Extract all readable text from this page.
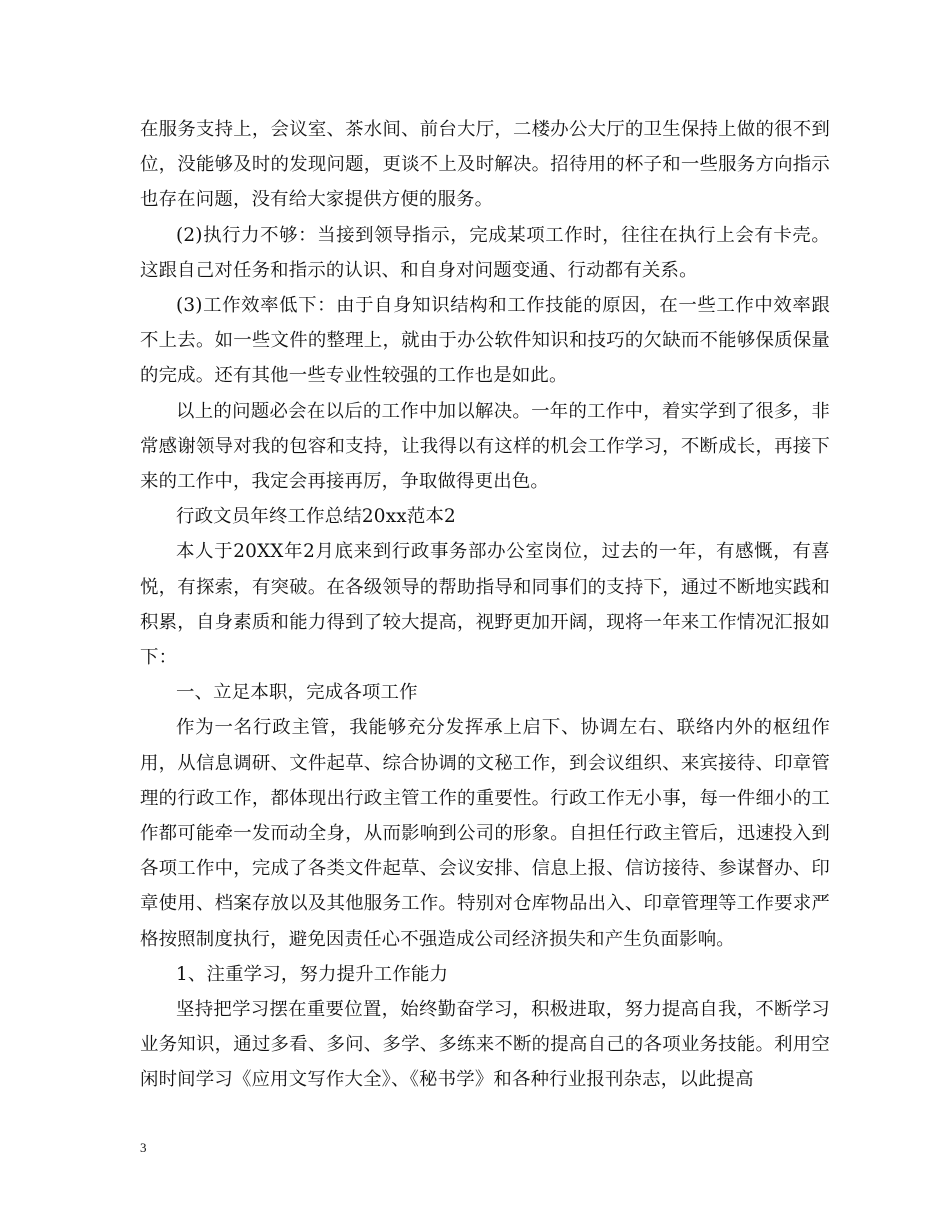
在服务支持上，会议室、茶水间、前台大厅，二楼办公大厅的卫生保持上做的很不到位，没能够及时的发现问题，更谈不上及时解决。招待用的杯子和一些服务方向指示也存在问题，没有给大家提供方便的服务。

(2)执行力不够：当接到领导指示，完成某项工作时，往往在执行上会有卡壳。这跟自己对任务和指示的认识、和自身对问题变通、行动都有关系。

(3)工作效率低下：由于自身知识结构和工作技能的原因，在一些工作中效率跟不上去。如一些文件的整理上，就由于办公软件知识和技巧的欠缺而不能够保质保量的完成。还有其他一些专业性较强的工作也是如此。

以上的问题必会在以后的工作中加以解决。一年的工作中，着实学到了很多，非常感谢领导对我的包容和支持，让我得以有这样的机会工作学习，不断成长，再接下来的工作中，我定会再接再厉，争取做得更出色。

行政文员年终工作总结20xx范本2

本人于20XX年2月底来到行政事务部办公室岗位，过去的一年，有感慨，有喜悦，有探索，有突破。在各级领导的帮助指导和同事们的支持下，通过不断地实践和积累，自身素质和能力得到了较大提高，视野更加开阔，现将一年来工作情况汇报如下：

一、立足本职，完成各项工作

作为一名行政主管，我能够充分发挥承上启下、协调左右、联络内外的枢纽作用，从信息调研、文件起草、综合协调的文秘工作，到会议组织、来宾接待、印章管理的行政工作，都体现出行政主管工作的重要性。行政工作无小事，每一件细小的工作都可能牵一发而动全身，从而影响到公司的形象。自担任行政主管后，迅速投入到各项工作中，完成了各类文件起草、会议安排、信息上报、信访接待、参谋督办、印章使用、档案存放以及其他服务工作。特别对仓库物品出入、印章管理等工作要求严格按照制度执行，避免因责任心不强造成公司经济损失和产生负面影响。

1、注重学习，努力提升工作能力

坚持把学习摆在重要位置，始终勤奋学习，积极进取，努力提高自我，不断学习业务知识，通过多看、多问、多学、多练来不断的提高自己的各项业务技能。利用空闲时间学习《应用文写作大全》、《秘书学》和各种行业报刊杂志，以此提高

3
